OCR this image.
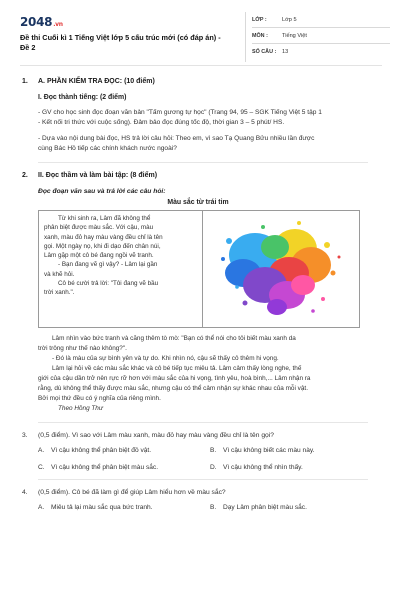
2048.vn
Đề thi Cuối kì 1 Tiếng Việt lớp 5 cấu trúc mới (có đáp án) -
Đề 2
LỚP :	Lớp 5
MÔN :	Tiếng Việt
SỐ CÂU :	13
1.	A. PHẦN KIỂM TRA ĐỌC: (10 điểm)
I. Đọc thành tiếng: (2 điểm)
- GV cho học sinh đọc đoạn văn bản "Tấm gương tự học" (Trang 94, 95 – SGK Tiếng Việt 5 tập 1
- Kết nối tri thức với cuộc sống). Đảm bảo đọc đúng tốc độ, thời gian 3 – 5 phút/ HS.
- Dựa vào nội dung bài đọc, HS trả lời câu hỏi: Theo em, vì sao Tạ Quang Bửu nhiều lần được
cùng Bác Hồ tiếp các chính khách nước ngoài?
2.	II. Đọc thầm và làm bài tập: (8 điểm)
Đọc đoạn văn sau và trả lời các câu hỏi:
Màu sắc từ trái tim

Từ khi sinh ra, Lâm đã không thể

phân biệt được màu sắc. Với cậu, màu

xanh, màu đỏ hay màu vàng đều chỉ là tên

gọi. Một ngày nọ, khi đi dạo đến chân núi,

Lâm gặp một cô bé đang ngồi vẽ tranh.

- Bạn đang vẽ gì vậy? - Lâm lại gần

và khẽ hỏi.

Cô bé cười trả lời: "Tôi đang vẽ bầu

trời xanh.".

Lâm nhìn vào bức tranh và căng thêm tò mò: "Bạn có thể nói cho tôi biết màu xanh da
trời trông như thế nào không?".
- Đó là màu của sự bình yên và tự do. Khi nhìn nó, cậu sẽ thấy cô thêm hi vọng.
Lâm lại hỏi về các màu sắc khác và cô bé tiếp tục miêu tả. Lâm cảm thấy lòng nghe, thế
giới của cậu dần trở nên rực rỡ hơn với màu sắc của hi vọng, tình yêu, hoà bình,... Lâm nhận ra
rằng, dù không thể thấy được màu sắc, nhưng cậu có thể cảm nhận sự khác nhau của mỗi vật.
Bởi mọi thứ đều có ý nghĩa của riêng mình.
Theo Hồng Thư
3.	(0,5 điểm). Vì sao với Lâm màu xanh, màu đỏ hay màu vàng đều chỉ là tên gọi?
A.	Vì cậu không thể phân biệt đồ vật.	B.	Vì cậu không biết các màu này.
C. Vì cậu không thể phân biệt màu sắc.	D. Vì cậu không thể nhìn thấy.
4.	(0,5 điểm). Cô bé đã làm gì để giúp Lâm hiểu hơn về màu sắc?
A.	Miêu tả lại màu sắc qua bức tranh.	B.	Dạy Lâm phân biệt màu sắc.
